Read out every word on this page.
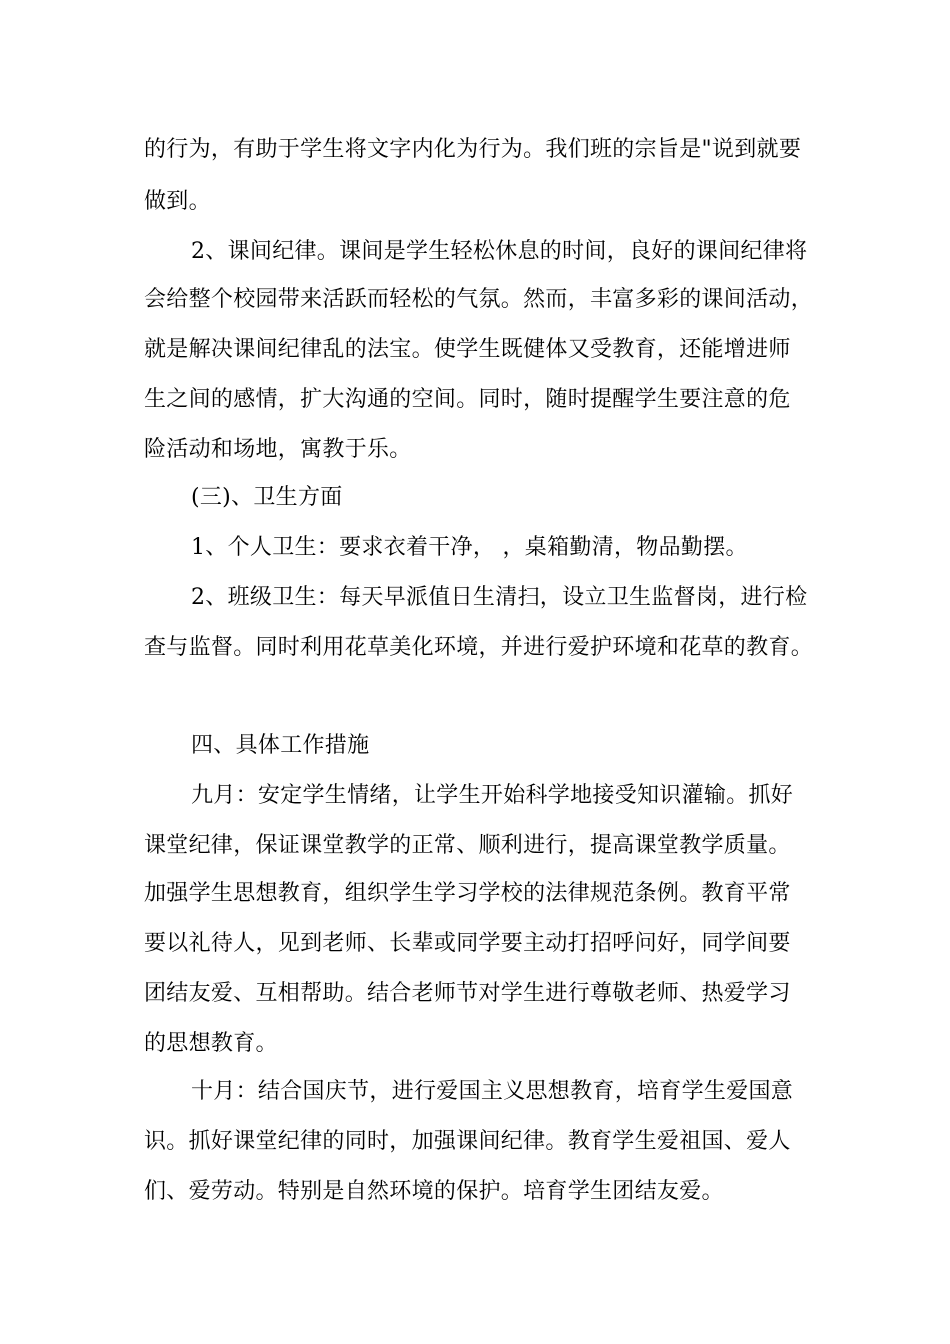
的行为，有助于学生将文字内化为行为。我们班的宗旨是"说到就要
做到。
2、课间纪律。课间是学生轻松休息的时间，良好的课间纪律将
会给整个校园带来活跃而轻松的气氛。然而，丰富多彩的课间活动，
就是解决课间纪律乱的法宝。使学生既健体又受教育，还能增进师
生之间的感情，扩大沟通的空间。同时，随时提醒学生要注意的危
险活动和场地，寓教于乐。
(三)、卫生方面
1、个人卫生：要求衣着干净， ，桌箱勤清，物品勤摆。
2、班级卫生：每天早派值日生清扫，设立卫生监督岗，进行检
查与监督。同时利用花草美化环境，并进行爱护环境和花草的教育。
四、具体工作措施
九月：安定学生情绪，让学生开始科学地接受知识灌输。抓好
课堂纪律，保证课堂教学的正常、顺利进行，提高课堂教学质量。
加强学生思想教育，组织学生学习学校的法律规范条例。教育平常
要以礼待人，见到老师、长辈或同学要主动打招呼问好，同学间要
团结友爱、互相帮助。结合老师节对学生进行尊敬老师、热爱学习
的思想教育。
十月：结合国庆节，进行爱国主义思想教育，培育学生爱国意
识。抓好课堂纪律的同时，加强课间纪律。教育学生爱祖国、爱人
们、爱劳动。特别是自然环境的保护。培育学生团结友爱。
